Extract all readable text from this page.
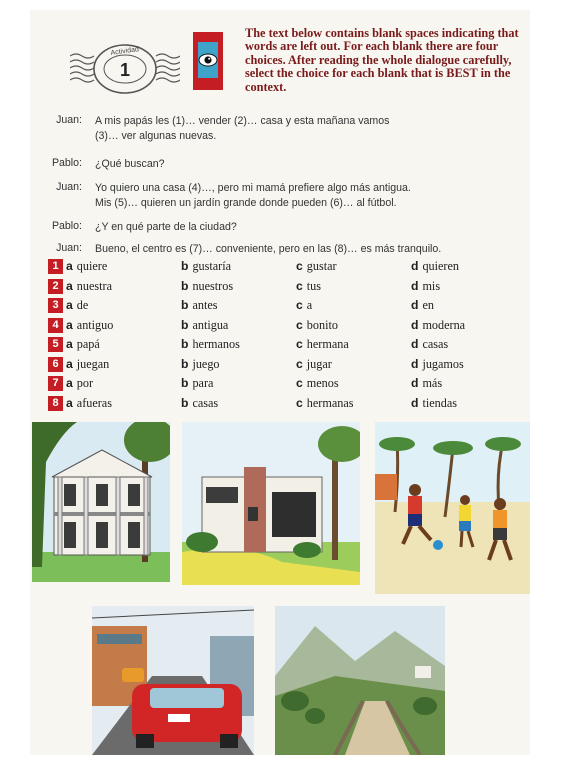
Actividad
1
The text below contains blank spaces indicating that words are left out. For each blank there are four choices. After reading the whole dialogue carefully, select the choice for each blank that is BEST in the context.
Juan: A mis papás les (1)… vender (2)… casa y esta mañana vamos
(3)… ver algunas nuevas.
Pablo: ¿Qué buscan?
Juan: Yo quiero una casa (4)…, pero mi mamá prefiere algo más antigua.
Mis (5)… quieren un jardín grande donde pueden (6)… al fútbol.
Pablo: ¿Y en qué parte de la ciudad?
Juan: Bueno, el centro es (7)… conveniente, pero en las (8)… es más tranquilo.
1 a quiere	b gustaría	c gustar	d quieren
2 a nuestra	b nuestros	c tus	d mis
3 a de	b antes	c a	d en
4 a antiguo	b antigua	c bonito	d moderna
5 a papá	b hermanos	c hermana	d casas
6 a juegan	b juego	c jugar	d jugamos
7 a por	b para	c menos	d más
8 a afueras	b casas	c hermanas	d tiendas
